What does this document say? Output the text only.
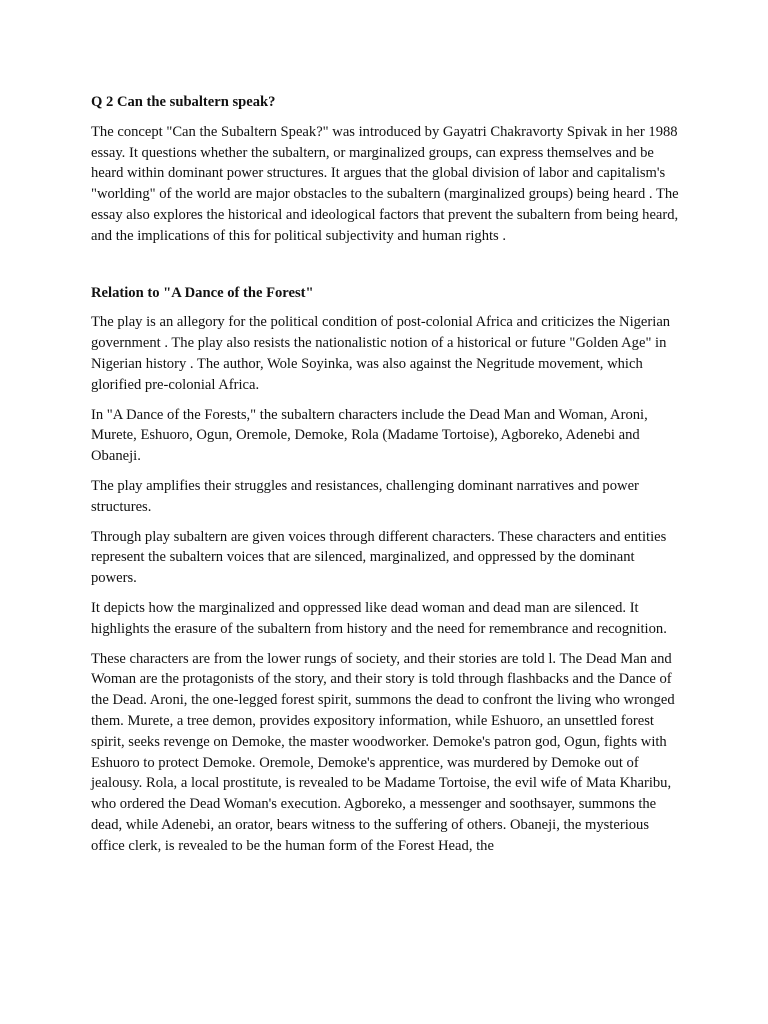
Q 2 Can the subaltern speak?

The concept "Can the Subaltern Speak?" was introduced by Gayatri Chakravorty Spivak in her 1988 essay. It questions whether the subaltern, or marginalized groups, can express themselves and be heard within dominant power structures. It argues that the global division of labor and capitalism's "worlding" of the world are major obstacles to the subaltern (marginalized groups) being heard . The essay also explores the historical and ideological factors that prevent the subaltern from being heard, and the implications of this for political subjectivity and human rights .

Relation to "A Dance of the Forest"

The play is an allegory for the political condition of post-colonial Africa and criticizes the Nigerian government . The play also resists the nationalistic notion of a historical or future "Golden Age" in Nigerian history . The author, Wole Soyinka, was also against the Negritude movement, which glorified pre-colonial Africa.

In "A Dance of the Forests," the subaltern characters include the Dead Man and Woman, Aroni, Murete, Eshuoro, Ogun, Oremole, Demoke, Rola (Madame Tortoise), Agboreko, Adenebi and Obaneji.

The play amplifies their struggles and resistances, challenging dominant narratives and power structures.

Through play subaltern are given voices through different characters. These characters and entities represent the subaltern voices that are silenced, marginalized, and oppressed by the dominant powers.

It depicts how the marginalized and oppressed like dead woman and dead man are silenced. It highlights the erasure of the subaltern from history and the need for remembrance and recognition.

These characters are from the lower rungs of society, and their stories are told l. The Dead Man and Woman are the protagonists of the story, and their story is told through flashbacks and the Dance of the Dead. Aroni, the one-legged forest spirit, summons the dead to confront the living who wronged them. Murete, a tree demon, provides expository information, while Eshuoro, an unsettled forest spirit, seeks revenge on Demoke, the master woodworker. Demoke's patron god, Ogun, fights with Eshuoro to protect Demoke. Oremole, Demoke's apprentice, was murdered by Demoke out of jealousy. Rola, a local prostitute, is revealed to be Madame Tortoise, the evil wife of Mata Kharibu, who ordered the Dead Woman's execution. Agboreko, a messenger and soothsayer, summons the dead, while Adenebi, an orator, bears witness to the suffering of others. Obaneji, the mysterious office clerk, is revealed to be the human form of the Forest Head, the
